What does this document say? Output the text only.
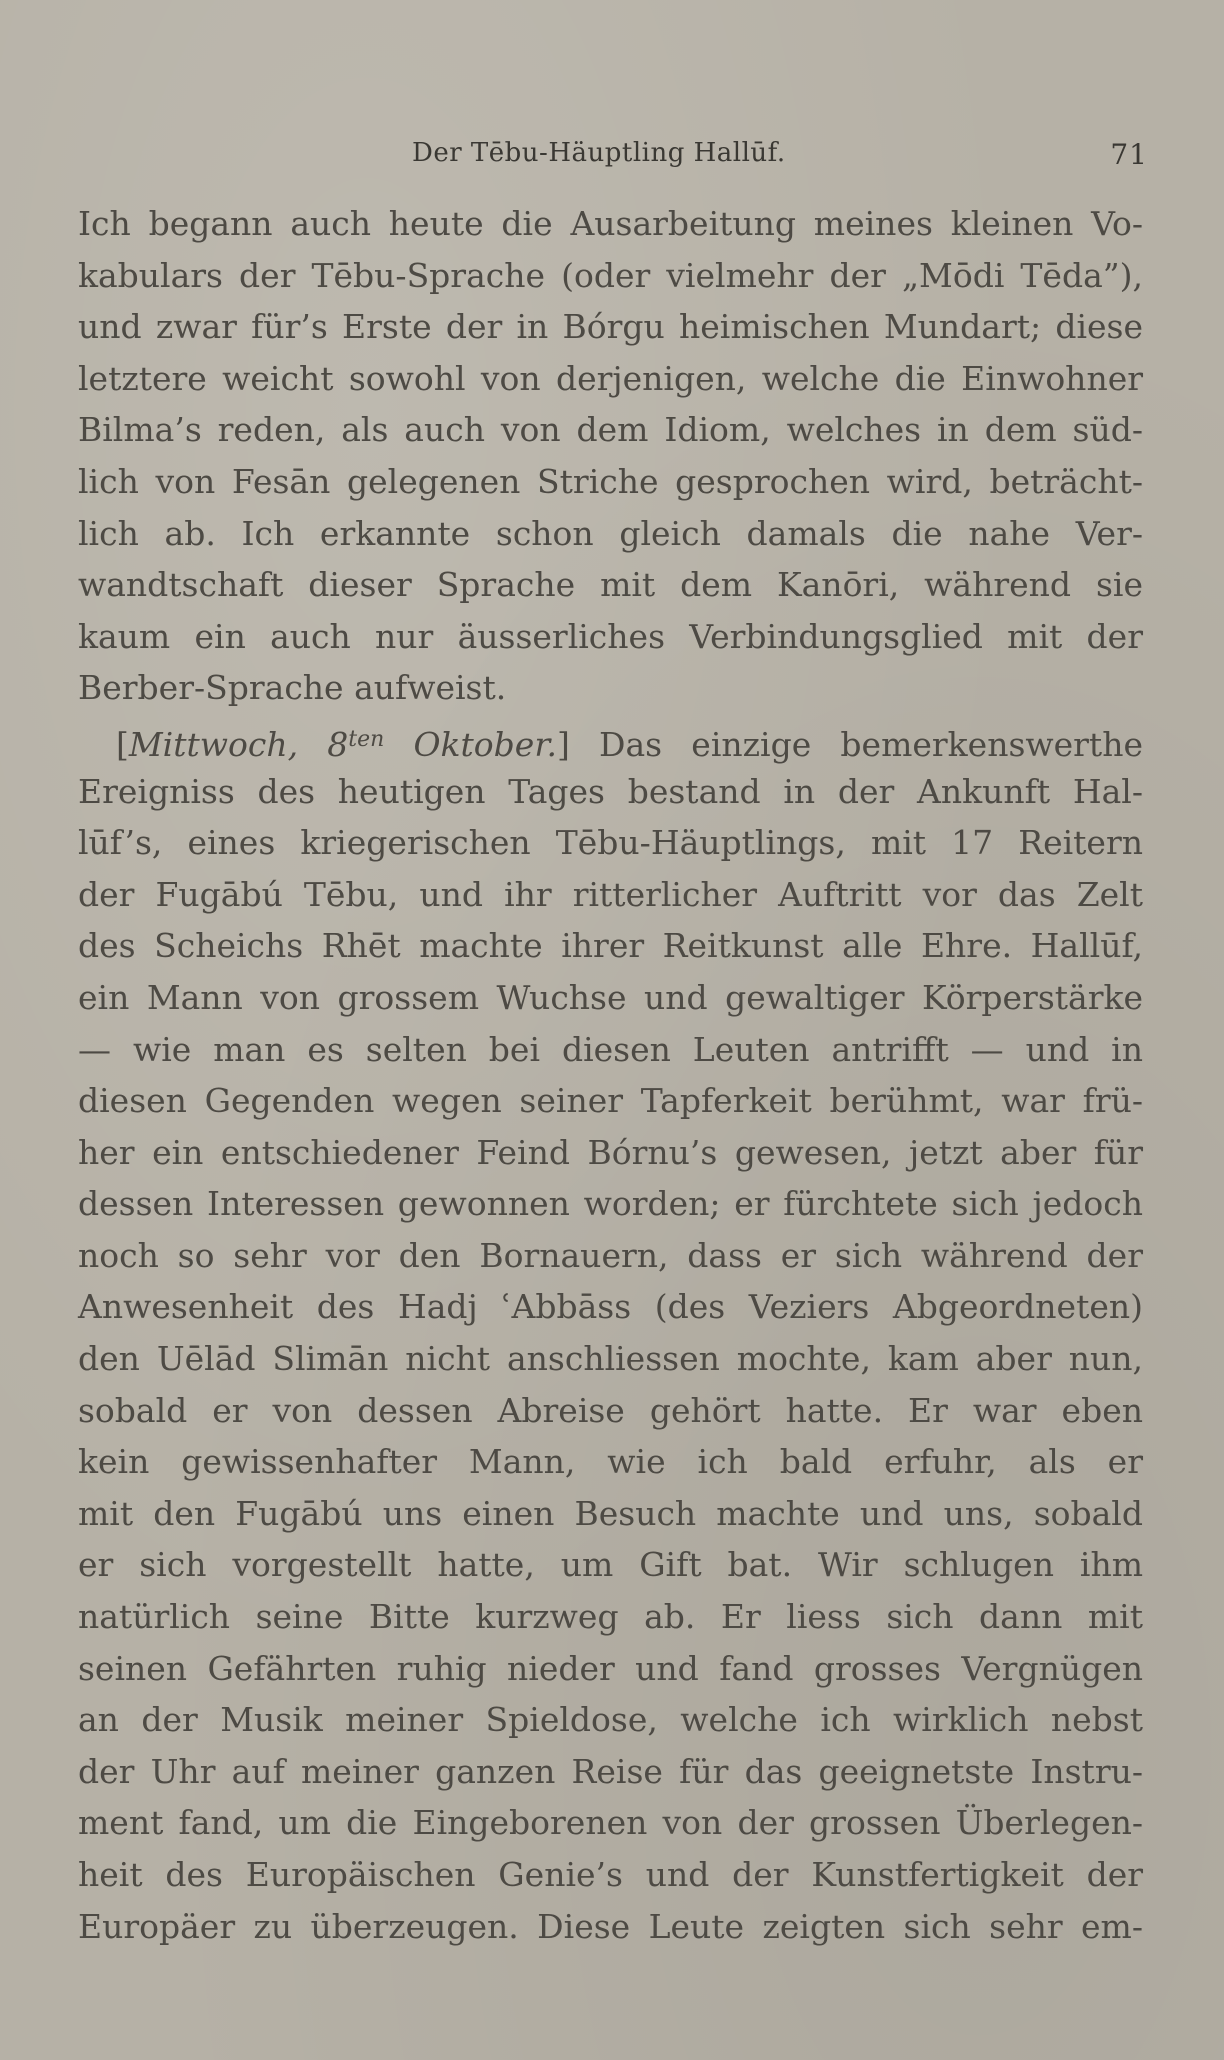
Der Tēbu-Häuptling Hallūf.	71
Ich begann auch heute die Ausarbeitung meines kleinen Vo-
kabulars der Tēbu-Sprache (oder vielmehr der „Mōdi Tēda”),
und zwar für’s Erste der in Bórgu heimischen Mundart; diese
letztere weicht sowohl von derjenigen, welche die Einwohner
Bilma’s reden, als auch von dem Idiom, welches in dem süd-
lich von Fesān gelegenen Striche gesprochen wird, beträcht-
lich ab. Ich erkannte schon gleich damals die nahe Ver-
wandtschaft dieser Sprache mit dem Kanōri, während sie
kaum ein auch nur äusserliches Verbindungsglied mit der
Berber-Sprache aufweist.
[Mittwoch, $8^{ten}$ Oktober.] Das einzige bemerkenswerthe
Ereigniss des heutigen Tages bestand in der Ankunft Hal-
lūf’s, eines kriegerischen Tēbu-Häuptlings, mit 17 Reitern
der Fugābú Tēbu, und ihr ritterlicher Auftritt vor das Zelt
des Scheichs Rhēt machte ihrer Reitkunst alle Ehre. Hallūf,
ein Mann von grossem Wuchse und gewaltiger Körperstärke
— wie man es selten bei diesen Leuten antrifft — und in
diesen Gegenden wegen seiner Tapferkeit berühmt, war frü-
her ein entschiedener Feind Bórnu’s gewesen, jetzt aber für
dessen Interessen gewonnen worden; er fürchtete sich jedoch
noch so sehr vor den Bornauern, dass er sich während der
Anwesenheit des Hadj ʿAbbāss (des Veziers Abgeordneten)
den Uēlād Slimān nicht anschliessen mochte, kam aber nun,
sobald er von dessen Abreise gehört hatte. Er war eben
kein gewissenhafter Mann, wie ich bald erfuhr, als er
mit den Fugābú uns einen Besuch machte und uns, sobald
er sich vorgestellt hatte, um Gift bat. Wir schlugen ihm
natürlich seine Bitte kurzweg ab. Er liess sich dann mit
seinen Gefährten ruhig nieder und fand grosses Vergnügen
an der Musik meiner Spieldose, welche ich wirklich nebst
der Uhr auf meiner ganzen Reise für das geeignetste Instru-
ment fand, um die Eingeborenen von der grossen Überlegen-
heit des Europäischen Genie’s und der Kunstfertigkeit der
Europäer zu überzeugen. Diese Leute zeigten sich sehr em-
